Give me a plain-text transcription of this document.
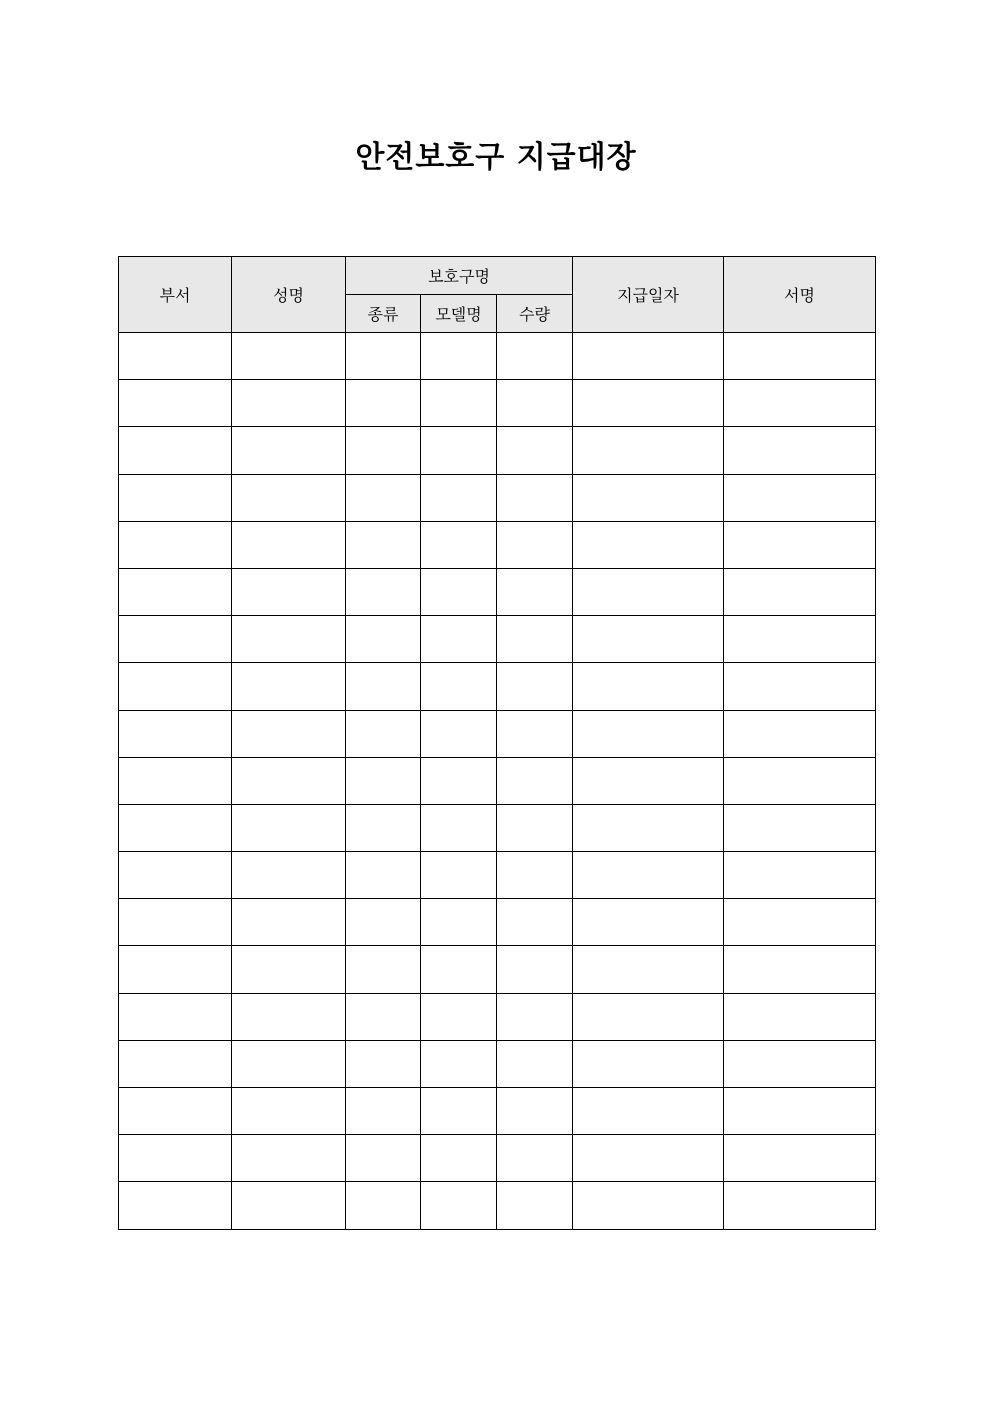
안전보호구 지급대장
부서	성명	보호구명			지급일자	서명
		종류	모델명	수량		
